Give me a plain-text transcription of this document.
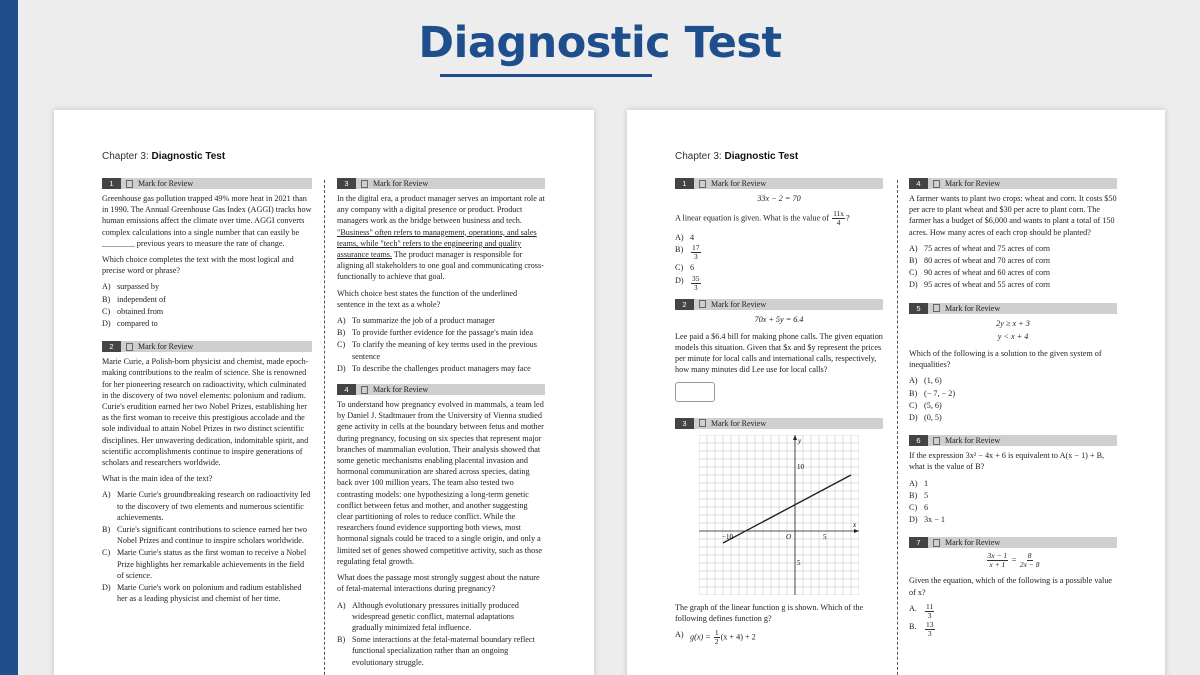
Diagnostic Test
Chapter 3: Diagnostic Test
1	Mark for Review
Greenhouse gas pollution trapped 49% more heat in 2021 than in 1990. The Annual Greenhouse Gas Index (AGGI) tracks how human emissions affect the climate over time. AGGI converts complex calculations into a single number that can easily be ________ previous years to measure the rate of change.
Which choice completes the text with the most logical and precise word or phrase?
A) surpassed by
B) independent of
C) obtained from
D) compared to
2	Mark for Review
Marie Curie, a Polish-born physicist and chemist, made epoch-making contributions to the realm of science. She is renowned for her pioneering research on radioactivity, which culminated in the discovery of two novel elements: polonium and radium. Curie's erudition earned her two Nobel Prizes, establishing her as the first woman to receive this prestigious accolade and the sole individual to attain Nobel Prizes in two distinct scientific disciplines. Her unwavering dedication, indomitable spirit, and scientific accomplishments continue to inspire generations of scholars and researchers worldwide.
What is the main idea of the text?
A) Marie Curie's groundbreaking research on radioactivity led to the discovery of two elements and numerous scientific achievements.
B) Curie's significant contributions to science earned her two Nobel Prizes and continue to inspire scholars worldwide.
C) Marie Curie's status as the first woman to receive a Nobel Prize highlights her remarkable achievements in the field of science.
D) Marie Curie's work on polonium and radium established her as a leading physicist and chemist of her time.
3	Mark for Review
In the digital era, a product manager serves an important role at any company with a digital presence or product. Product managers work as the bridge between business and tech. "Business" often refers to management, operations, and sales teams, while "tech" refers to the engineering and quality assurance teams. The product manager is responsible for aligning all stakeholders to one goal and communicating cross-functionally to achieve that goal.
Which choice best states the function of the underlined sentence in the text as a whole?
A) To summarize the job of a product manager
B) To provide further evidence for the passage's main idea
C) To clarify the meaning of key terms used in the previous sentence
D) To describe the challenges product managers may face
4	Mark for Review
To understand how pregnancy evolved in mammals, a team led by Daniel J. Stadtmauer from the University of Vienna studied gene activity in cells at the boundary between fetus and mother during pregnancy, focusing on six species that represent major branches of mammalian evolution. Their analysis showed that some genetic mechanisms enabling placental invasion and hormonal communication are shared across species, dating back over 100 million years. The team also tested two contrasting models: one hypothesizing a long-term genetic conflict between fetus and mother, and another suggesting clear partitioning of roles to reduce conflict. While the researchers found evidence supporting both views, most hormonal signals could be traced to a single origin, and only a limited set of genes showed competitive activity, such as those regulating fetal growth.
What does the passage most strongly suggest about the nature of fetal-maternal interactions during pregnancy?
A) Although evolutionary pressures initially produced widespread genetic conflict, maternal adaptations gradually minimized fetal influence.
B) Some interactions at the fetal-maternal boundary reflect functional specialization rather than an ongoing evolutionary struggle.
Chapter 3: Diagnostic Test
1	Mark for Review
33x − 2 = 70
A linear equation is given. What is the value of $\frac{11x}{4}$ ?
A) 4
B)	$\frac{17}{3}$
C) 6
$D) \frac{35}{3}$
2	Mark for Review
70x + 5y = 6.4
Lee paid a $6.4 bill for making phone calls. The given equation models this situation. Given that $x and $y represent the prices per minute for local calls and international calls, respectively, how many minutes did Lee use for local calls?
3	Mark for Review
x
y
O
−10	5
10
5
The graph of the linear function g is shown. Which of the following defines function g?
A) $g(x) = \frac{1}{2} (x + 4) + 2$
4	Mark for Review
A farmer wants to plant two crops: wheat and corn. It costs $50 per acre to plant wheat and $30 per acre to plant corn. The farmer has a budget of $6,000 and wants to plant a total of 150 acres. How many acres of each crop should be planted?
A) 75 acres of wheat and 75 acres of corn
B) 80 acres of wheat and 70 acres of corn
C) 90 acres of wheat and 60 acres of corn
D) 95 acres of wheat and 55 acres of corn
5	Mark for Review
2y ≥ x + 3
y < x + 4
Which of the following is a solution to the given system of inequalities?
A) (1, 6)
B) (− 7, − 2)
C) (5, 6)
D) (0, 5)
6	Mark for Review
If the expression 3x² − 4x + 6 is equivalent to A(x − 1) + B, what is the value of B?
A) 1
B) 5
C) 6
D) 3x − 1
7	Mark for Review
$\frac{3x - 1}{x + 1} = \frac{8}{2x - 8}$
Given the equation, which of the following is a possible value of x?
A.	$\frac{11}{3}$
B.	$\frac{13}{3}$
